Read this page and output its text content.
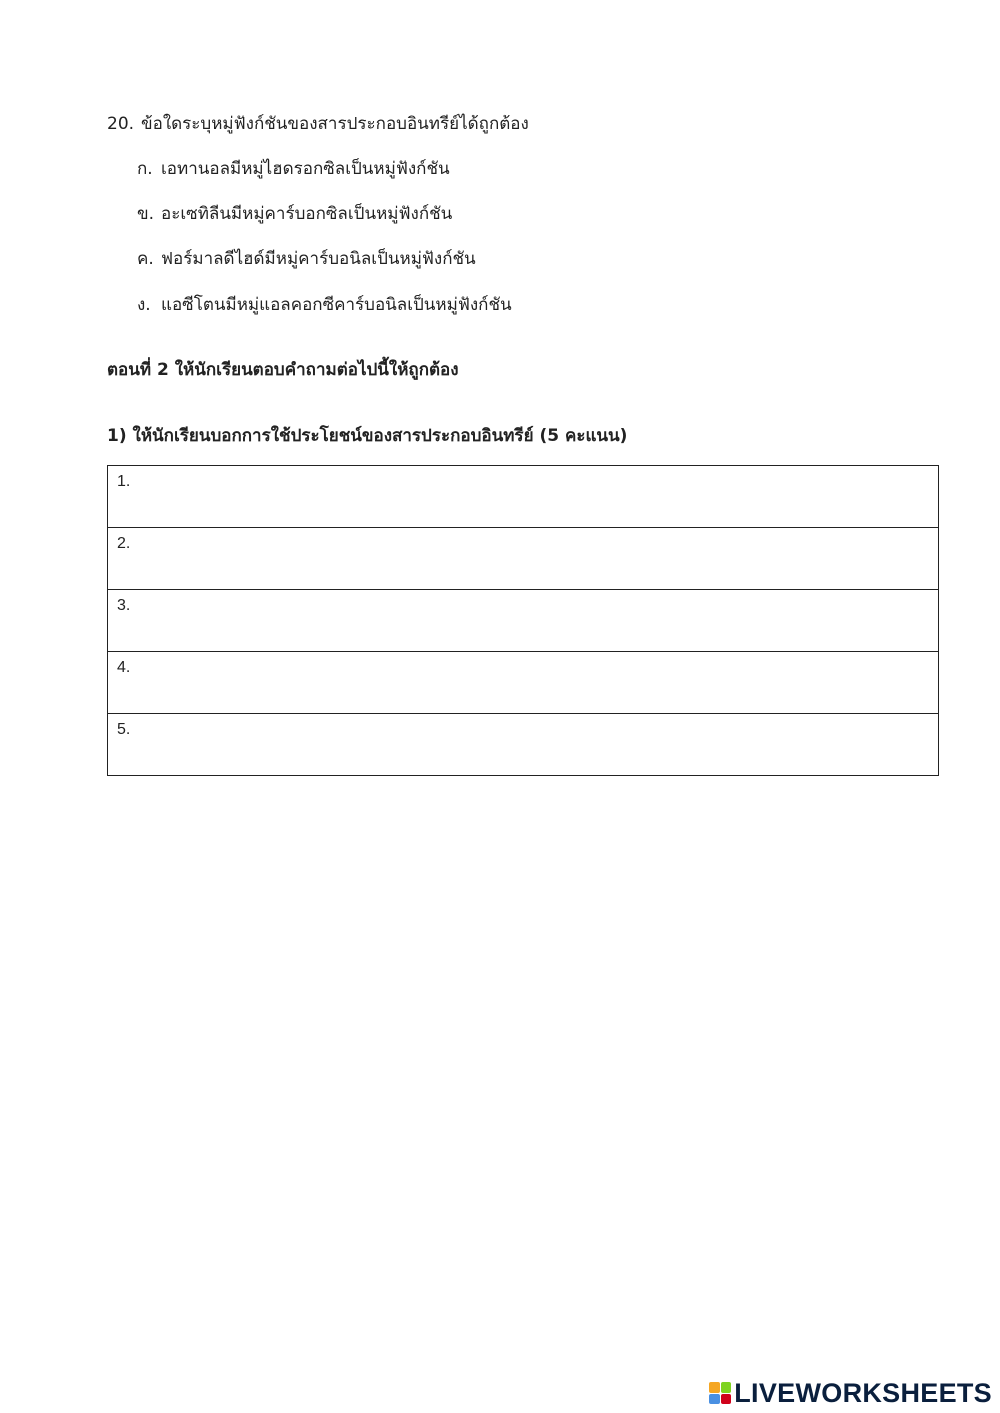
20. ข้อใดระบุหมู่ฟังก์ชันของสารประกอบอินทรีย์ได้ถูกต้อง
ก. เอทานอลมีหมู่ไฮดรอกซิลเป็นหมู่ฟังก์ชัน
ข. อะเซทิลีนมีหมู่คาร์บอกซิลเป็นหมู่ฟังก์ชัน
ค. ฟอร์มาลดีไฮด์มีหมู่คาร์บอนิลเป็นหมู่ฟังก์ชัน
ง. แอซีโตนมีหมู่แอลคอกซีคาร์บอนิลเป็นหมู่ฟังก์ชัน
ตอนที่ 2 ให้นักเรียนตอบคำถามต่อไปนี้ให้ถูกต้อง
1) ให้นักเรียนบอกการใช้ประโยชน์ของสารประกอบอินทรีย์ (5 คะแนน)
1.
2.
3.
4.
5.
LIVEWORKSHEETS
